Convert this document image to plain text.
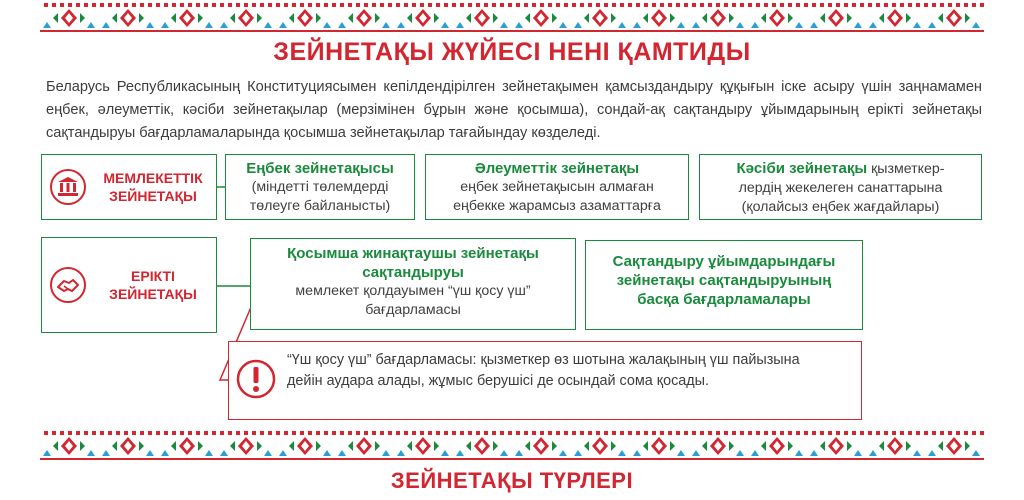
ЗЕЙНЕТАҚЫ ЖҮЙЕСІ НЕНІ ҚАМТИДЫ
Беларусь Республикасының Конституциясымен кепілдендірілген зейнетақымен қамсыздандыру құқығын іске асыру үшін заңнамамен еңбек, әлеуметтік, кәсіби зейнетақылар (мерзімінен бұрын және қосымша), сондай-ақ сақтандыру ұйымдарының ерікті зейнетақы сақтандыруы бағдарламаларында қосымша зейнетақылар тағайындау көзделеді.
МЕМЛЕКЕТТІК
ЗЕЙНЕТАҚЫ
Еңбек зейнетақысы
(міндетті төлемдерді
төлеуге байланысты)
Әлеуметтік зейнетақы
еңбек зейнетақысын алмаған
еңбекке жарамсыз азаматтарға
Кәсіби зейнетақы қызметкер-
лердің жекелеген санаттарына
(қолайсыз еңбек жағдайлары)
ЕРІКТІ
ЗЕЙНЕТАҚЫ
Қосымша жинақтаушы зейнетақы
сақтандыруы
мемлекет қолдауымен “үш қосу үш”
бағдарламасы
Сақтандыру ұйымдарындағы
зейнетақы сақтандыруының
басқа бағдарламалары
“Үш қосу үш” бағдарламасы: қызметкер өз шотына жалақының үш пайызына дейін аудара алады, жұмыс берушісі де осындай сома қосады.
ЗЕЙНЕТАҚЫ ТҮРЛЕРІ
